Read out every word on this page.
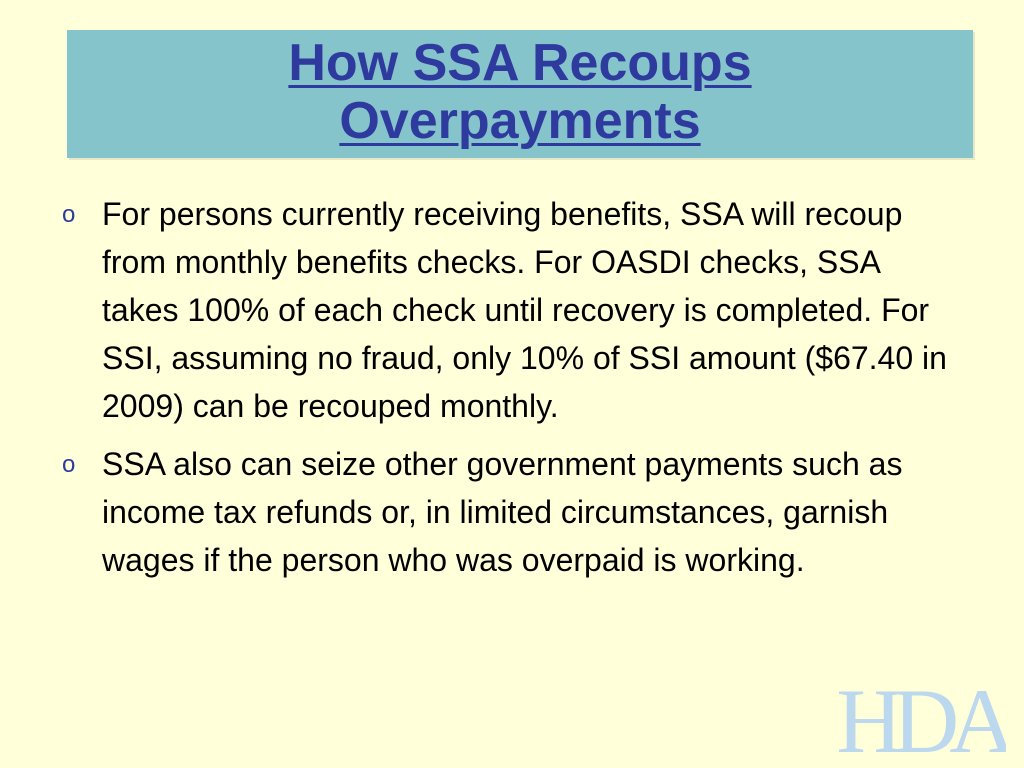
How SSA Recoups
Overpayments
o For persons currently receiving benefits, SSA will recoup from monthly benefits checks. For OASDI checks, SSA takes 100% of each check until recovery is completed. For SSI, assuming no fraud, only 10% of SSI amount ($67.40 in 2009) can be recouped monthly.
o SSA also can seize other government payments such as income tax refunds or, in limited circumstances, garnish wages if the person who was overpaid is working.
HDA
